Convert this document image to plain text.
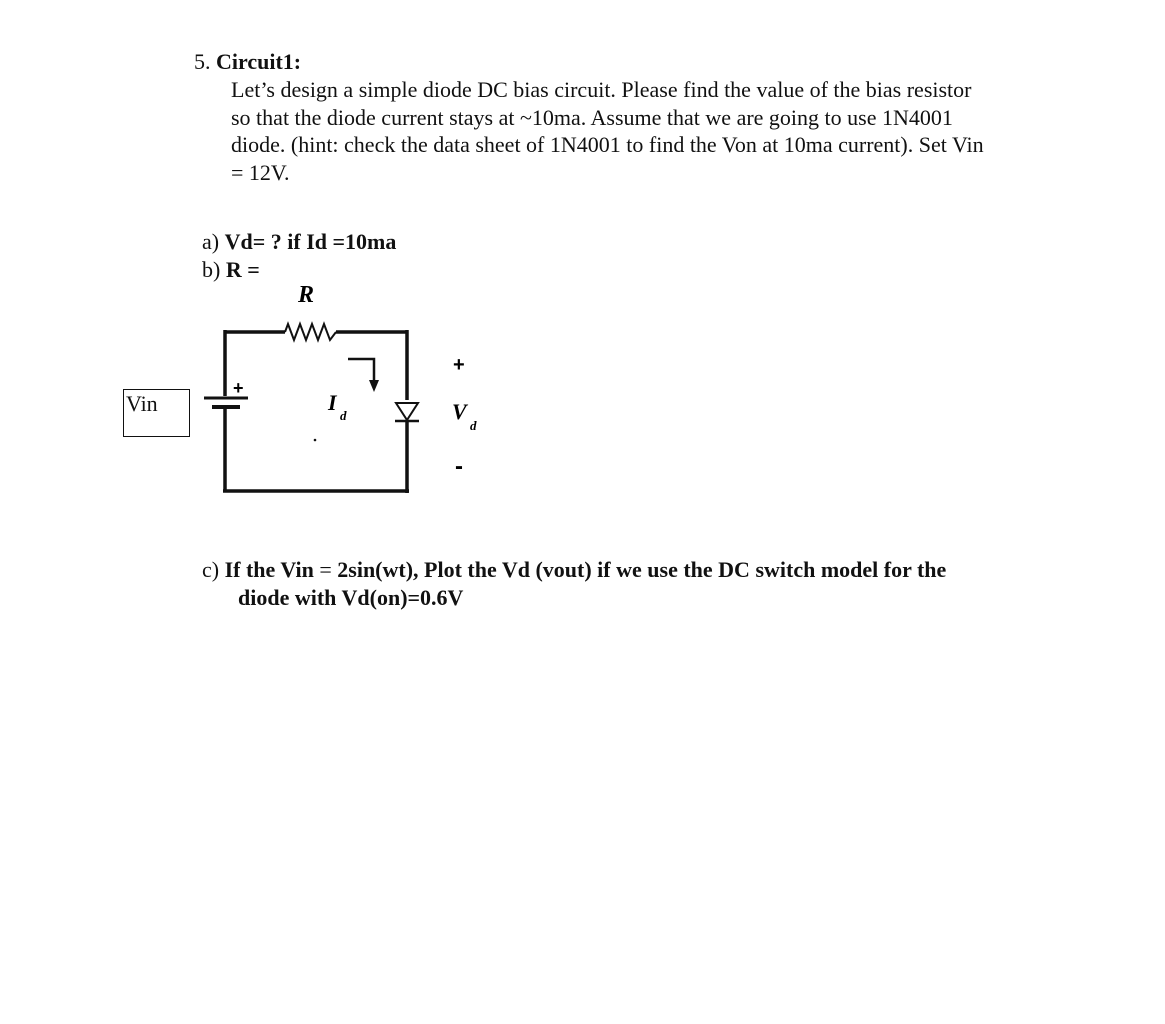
5. Circuit1:

Let’s design a simple diode DC bias circuit. Please find the value of the bias resistor

so that the diode current stays at ~10ma. Assume that we are going to use 1N4001

diode. (hint: check the data sheet of 1N4001 to find the Von at 10ma current). Set Vin

= 12V.

a) Vd= ? if Id =10ma
b) R =
Vin
R
+
I
d
+
V
d
-
c) If the Vin = 2sin(wt), Plot the Vd (vout) if we use the DC switch model for the
diode with Vd(on)=0.6V
